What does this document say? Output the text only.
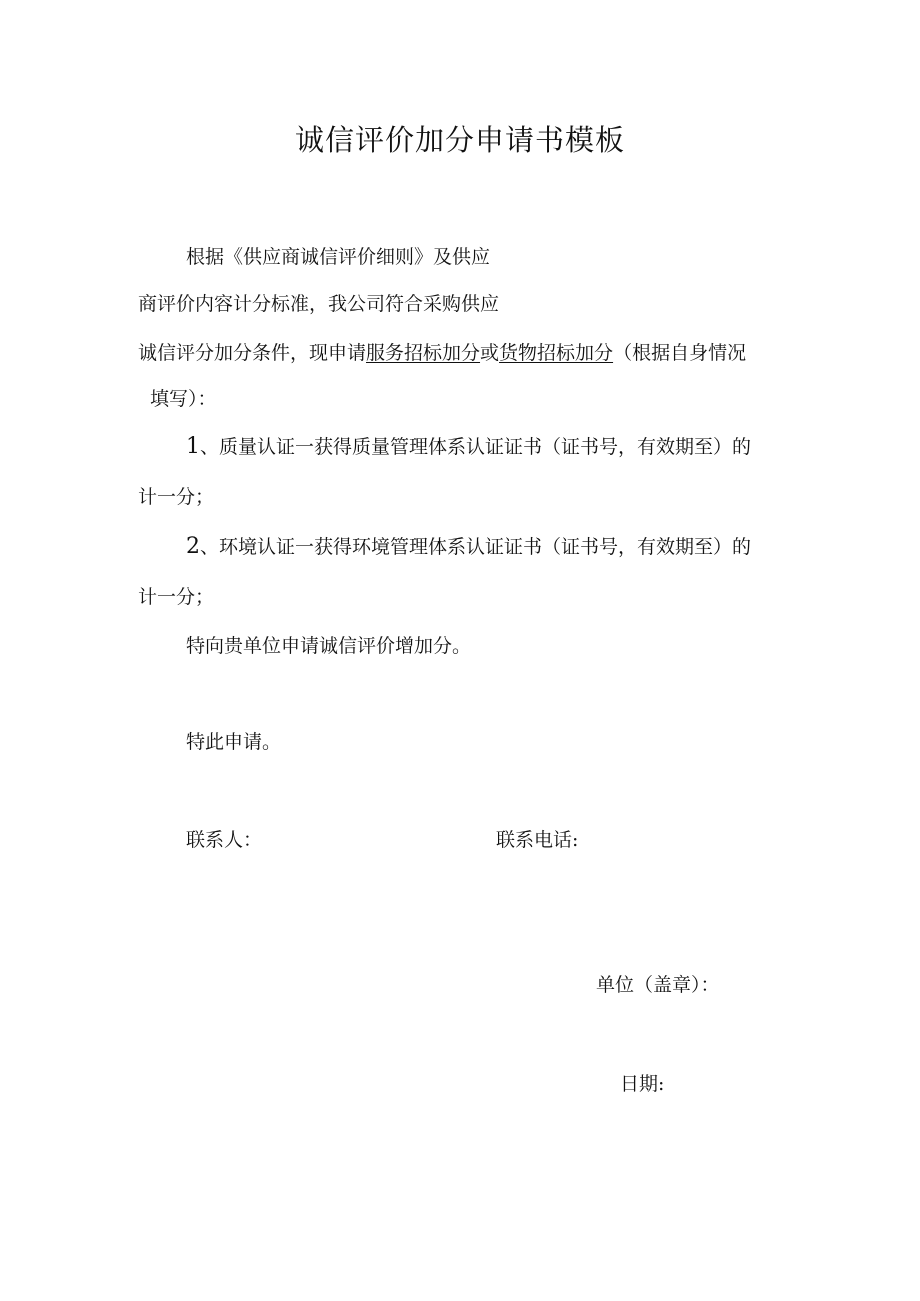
诚信评价加分申请书模板
根据《供应商诚信评价细则》及供应
商评价内容计分标准，我公司符合采购供应
诚信评分加分条件，现申请服务招标加分或货物招标加分（根据自身情况
填写）：
1、质量认证一获得质量管理体系认证证书（证书号，有效期至）的
计一分；
2、环境认证一获得环境管理体系认证证书（证书号，有效期至）的
计一分；
特向贵单位申请诚信评价增加分。
特此申请。
联系人：	联系电话:
单位（盖章）：
日期:
